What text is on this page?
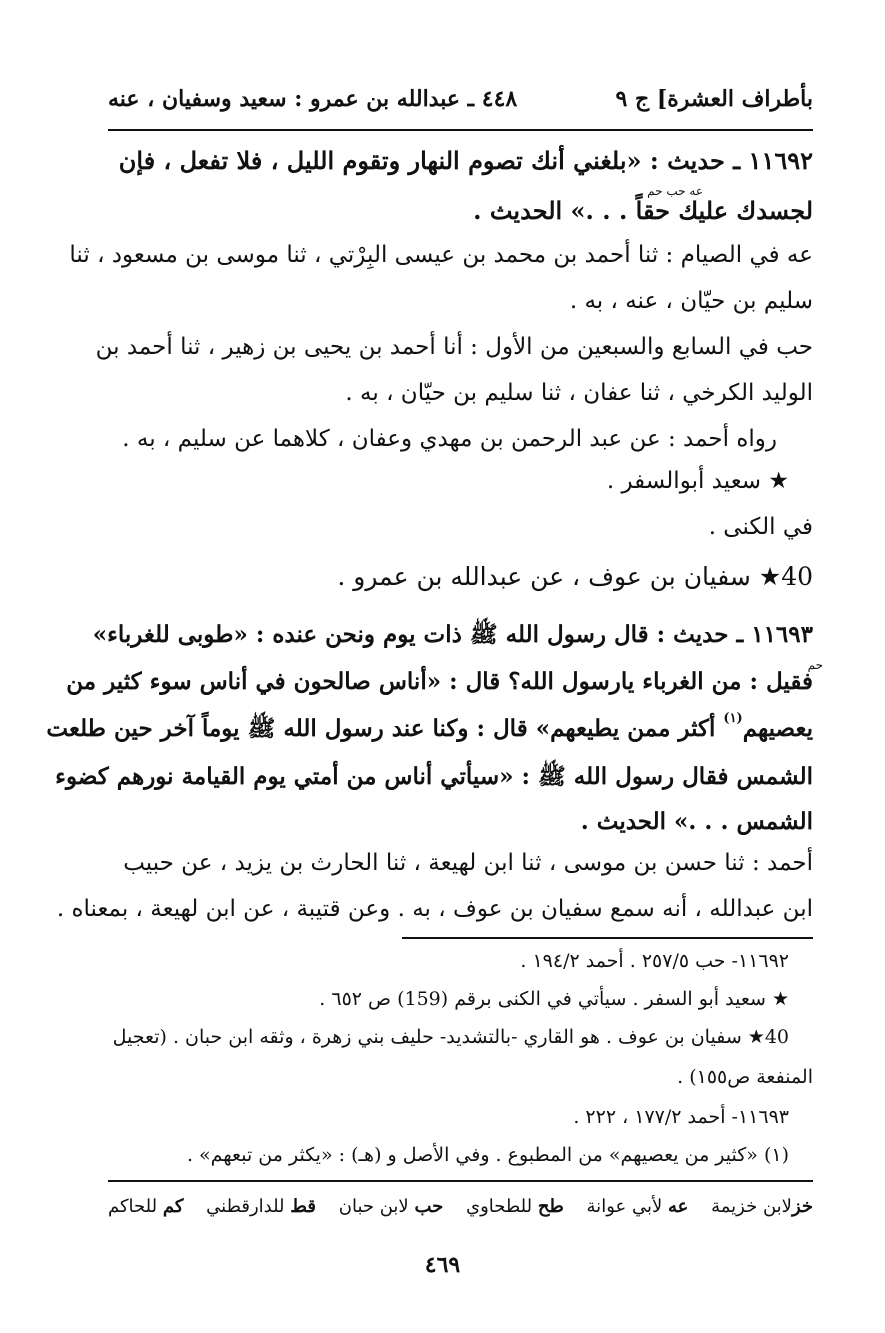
بأطراف العشرة] ج ٩
٤٤٨ ـ عبدالله بن عمرو : سعيد وسفيان ، عنه
١١٦٩٢ ـ حديث : «بلغني أنك تصوم النهار وتقوم الليل ، فلا تفعل ، فإن
عه حب حم
لجسدك عليك حقاً . . .» الحديث .
عه في الصيام : ثنا أحمد بن محمد بن عيسى البِرْتي ، ثنا موسى بن مسعود ، ثنا
سليم بن حيّان ، عنه ، به .
حب في السابع والسبعين من الأول : أنا أحمد بن يحيى بن زهير ، ثنا أحمد بن
الوليد الكرخي ، ثنا عفان ، ثنا سليم بن حيّان ، به .
رواه أحمد : عن عبد الرحمن بن مهدي وعفان ، كلاهما عن سليم ، به .
★ سعيد أبوالسفر .
في الكنى .
40★ سفيان بن عوف ، عن عبدالله بن عمرو .
١١٦٩٣ ـ حديث : قال رسول الله ﷺ ذات يوم ونحن عنده : «طوبى للغرباء»
حم
فقيل : من الغرباء يارسول الله؟ قال : «أناس صالحون في أناس سوء كثير من
يعصيهم$^{(١)}$ أكثر ممن يطيعهم» قال : وكنا عند رسول الله ﷺ يوماً آخر حين طلعت
الشمس فقال رسول الله ﷺ : «سيأتي أناس من أمتي يوم القيامة نورهم كضوء
الشمس . . .» الحديث .
أحمد : ثنا حسن بن موسى ، ثنا ابن لهيعة ، ثنا الحارث بن يزيد ، عن حبيب
ابن عبدالله ، أنه سمع سفيان بن عوف ، به . وعن قتيبة ، عن ابن لهيعة ، بمعناه .
١١٦٩٢- حب ٢٥٧/٥ . أحمد ١٩٤/٢ .
★ سعيد أبو السفر . سيأتي في الكنى برقم (159) ص ٦٥٢ .
40★ سفيان بن عوف . هو القاري -بالتشديد- حليف بني زهرة ، وثقه ابن حبان . (تعجيل
المنفعة ص١٥٥) .
١١٦٩٣- أحمد ١٧٧/٢ ، ٢٢٢ .
(١) «كثير من يعصيهم» من المطبوع . وفي الأصل و (هـ) : «يكثر من تبعهم» .
خزلابن خزيمة
عه لأبي عوانة
طح للطحاوي
حب لابن حبان
قط للدارقطني
كم للحاكم
٤٦٩
